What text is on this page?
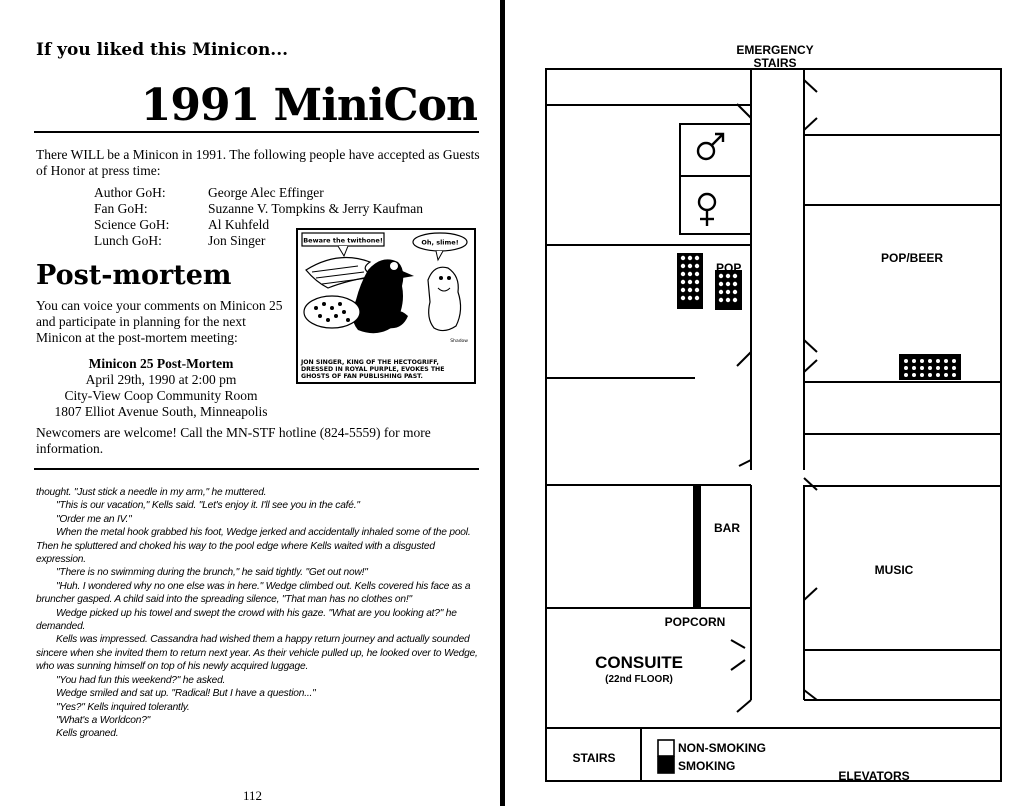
If you liked this Minicon...
1991 MiniCon
There WILL be a Minicon in 1991. The following people have accepted as Guests of Honor at press time:
Author GoH:	George Alec Effinger
Fan GoH:	Suzanne V. Tompkins & Jerry Kaufman
Science GoH:	Al Kuhfeld
Lunch GoH:	Jon Singer
Post-mortem
You can voice your comments on Minicon 25 and participate in planning for the next Minicon at the post-mortem meeting:
Minicon 25 Post-Mortem
April 29th, 1990 at 2:00 pm
City-View Coop Community Room
1807 Elliot Avenue South, Minneapolis
Beware the twithone!	Oh, slime!
Shadow
JON SINGER, KING OF THE HECTOGRIFF, DRESSED IN ROYAL PURPLE, EVOKES THE GHOSTS OF FAN PUBLISHING PAST.
Newcomers are welcome! Call the MN-STF hotline (824-5559) for more information.

thought. "Just stick a needle in my arm," he muttered.

"This is our vacation," Kells said. "Let's enjoy it. I'll see you in the café."

"Order me an IV."

When the metal hook grabbed his foot, Wedge jerked and accidentally inhaled some of the pool. Then he spluttered and choked his way to the pool edge where Kells waited with a disgusted expression.

"There is no swimming during the brunch," he said tightly. "Get out now!"

"Huh. I wondered why no one else was in here." Wedge climbed out. Kells covered his face as a bruncher gasped. A child said into the spreading silence, "That man has no clothes on!"

Wedge picked up his towel and swept the crowd with his gaze. "What are you looking at?" he demanded.

Kells was impressed. Cassandra had wished them a happy return journey and actually sounded sincere when she invited them to return next year. As their vehicle pulled up, he looked over to Wedge, who was sunning himself on top of his newly acquired luggage.

"You had fun this weekend?" he asked.

Wedge smiled and sat up. "Radical! But I have a question..."

"Yes?" Kells inquired tolerantly.

"What's a Worldcon?"

Kells groaned.

112
EMERGENCY
STAIRS
POP
POP/BEER
BAR
MUSIC
POPCORN
CONSUITE
(22nd FLOOR)
STAIRS
NON-SMOKING
SMOKING
ELEVATORS
